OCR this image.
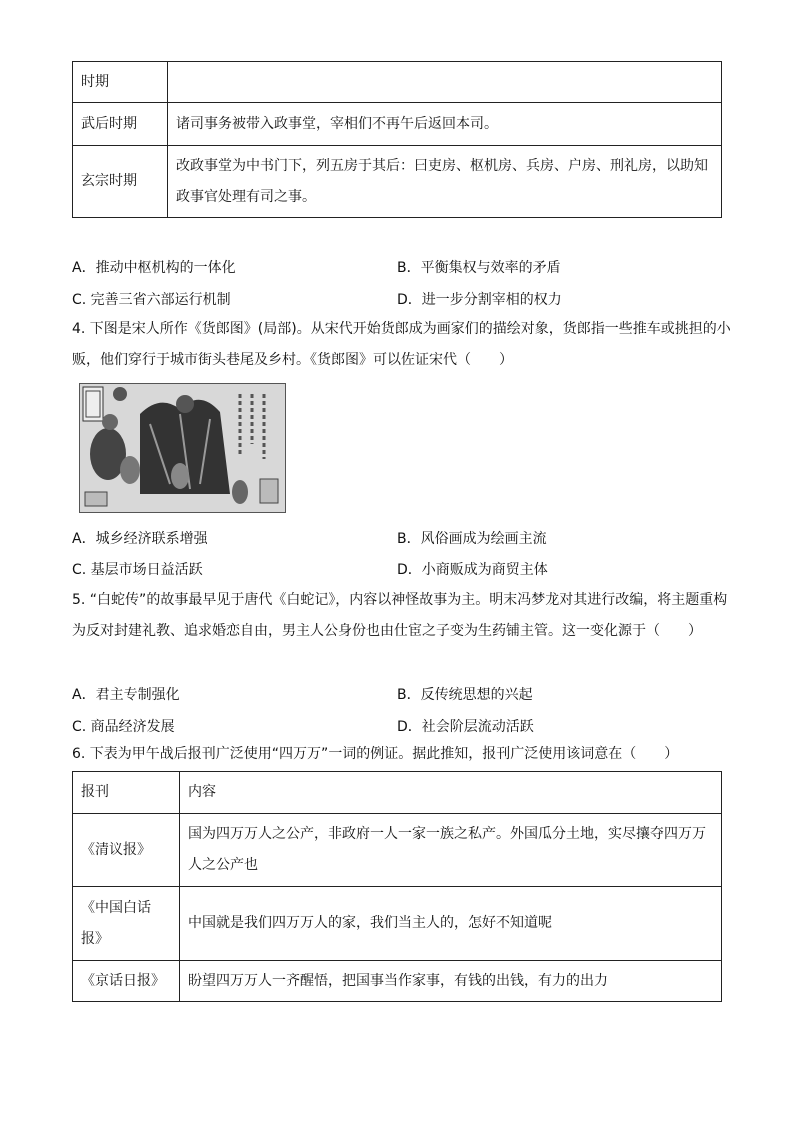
时期	
武后时期	诸司事务被带入政事堂，宰相们不再午后返回本司。
玄宗时期	改政事堂为中书门下，列五房于其后：曰吏房、枢机房、兵房、户房、刑礼房，以助知政事官处理有司之事。
A．推动中枢机构的一体化	B．平衡集权与效率的矛盾
C. 完善三省六部运行机制	D．进一步分割宰相的权力
4. 下图是宋人所作《货郎图》(局部)。从宋代开始货郎成为画家们的描绘对象，货郎指一些推车或挑担的小贩，他们穿行于城市街头巷尾及乡村。《货郎图》可以佐证宋代（　　）
A．城乡经济联系增强	B．风俗画成为绘画主流
C. 基层市场日益活跃	D．小商贩成为商贸主体
5. “白蛇传”的故事最早见于唐代《白蛇记》，内容以神怪故事为主。明末冯梦龙对其进行改编，将主题重构为反对封建礼教、追求婚恋自由，男主人公身份也由仕宦之子变为生药铺主管。这一变化源于（　　）
A．君主专制强化	B．反传统思想的兴起
C. 商品经济发展	D．社会阶层流动活跃
6. 下表为甲午战后报刊广泛使用“四万万”一词的例证。据此推知，报刊广泛使用该词意在（　　）
报刊	内容
《清议报》	国为四万万人之公产，非政府一人一家一族之私产。外国瓜分土地，实尽攘夺四万万人之公产也
《中国白话报》	中国就是我们四万万人的家，我们当主人的，怎好不知道呢
《京话日报》	盼望四万万人一齐醒悟，把国事当作家事，有钱的出钱，有力的出力
